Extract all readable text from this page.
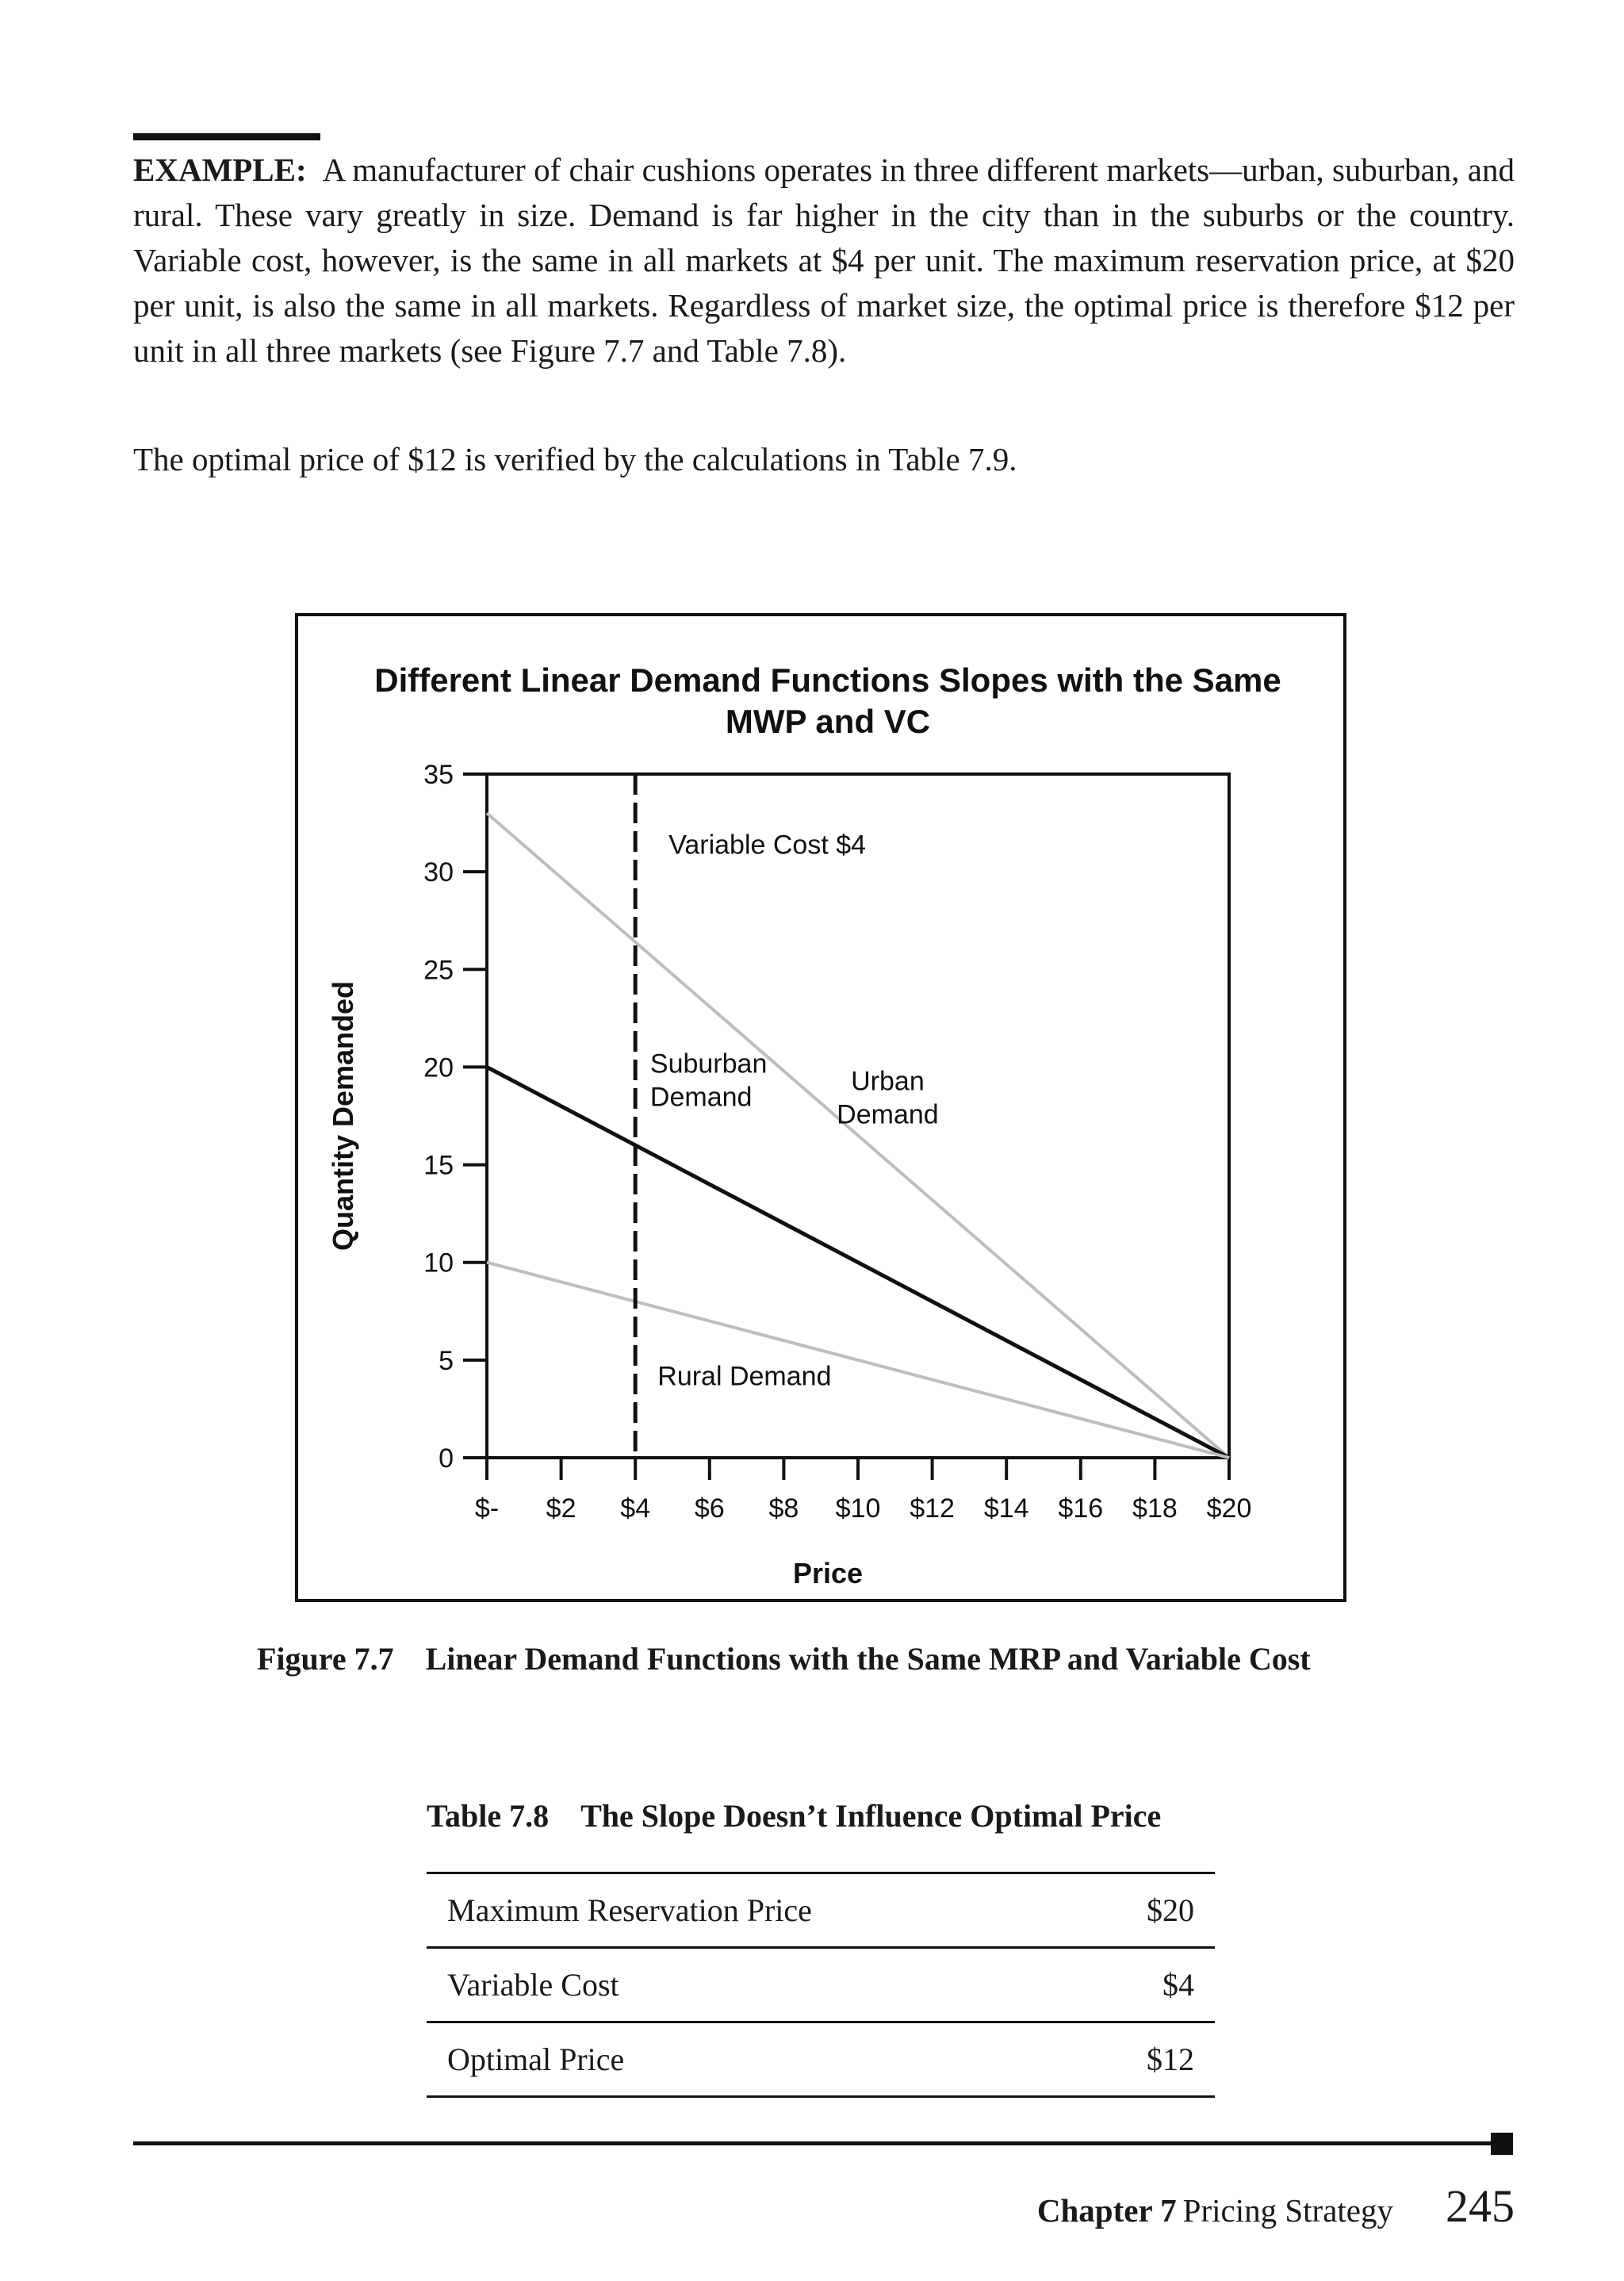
EXAMPLE: A manufacturer of chair cushions operates in three different markets—urban, suburban, and rural. These vary greatly in size. Demand is far higher in the city than in the suburbs or the country. Variable cost, however, is the same in all markets at $4 per unit. The maximum reservation price, at $20 per unit, is also the same in all markets. Regardless of market size, the optimal price is therefore $12 per unit in all three markets (see Figure 7.7 and Table 7.8).

The optimal price of $12 is verified by the calculations in Table 7.9.

Different Linear Demand Functions Slopes with the Same
MWP and VC
0
5
10
15
20
25
30
35
$- $2 $4 $6 $8 $10 $12 $14 $16 $18 $20
Price
Quantity Demanded
Variable Cost $4
Suburban
Demand
Urban
Demand
Rural Demand
Figure 7.7 Linear Demand Functions with the Same MRP and Variable Cost
Table 7.8 The Slope Doesn’t Influence Optimal Price
Maximum Reservation Price	$20
Variable Cost	$4
Optimal Price	$12
Chapter 7 Pricing Strategy 245
